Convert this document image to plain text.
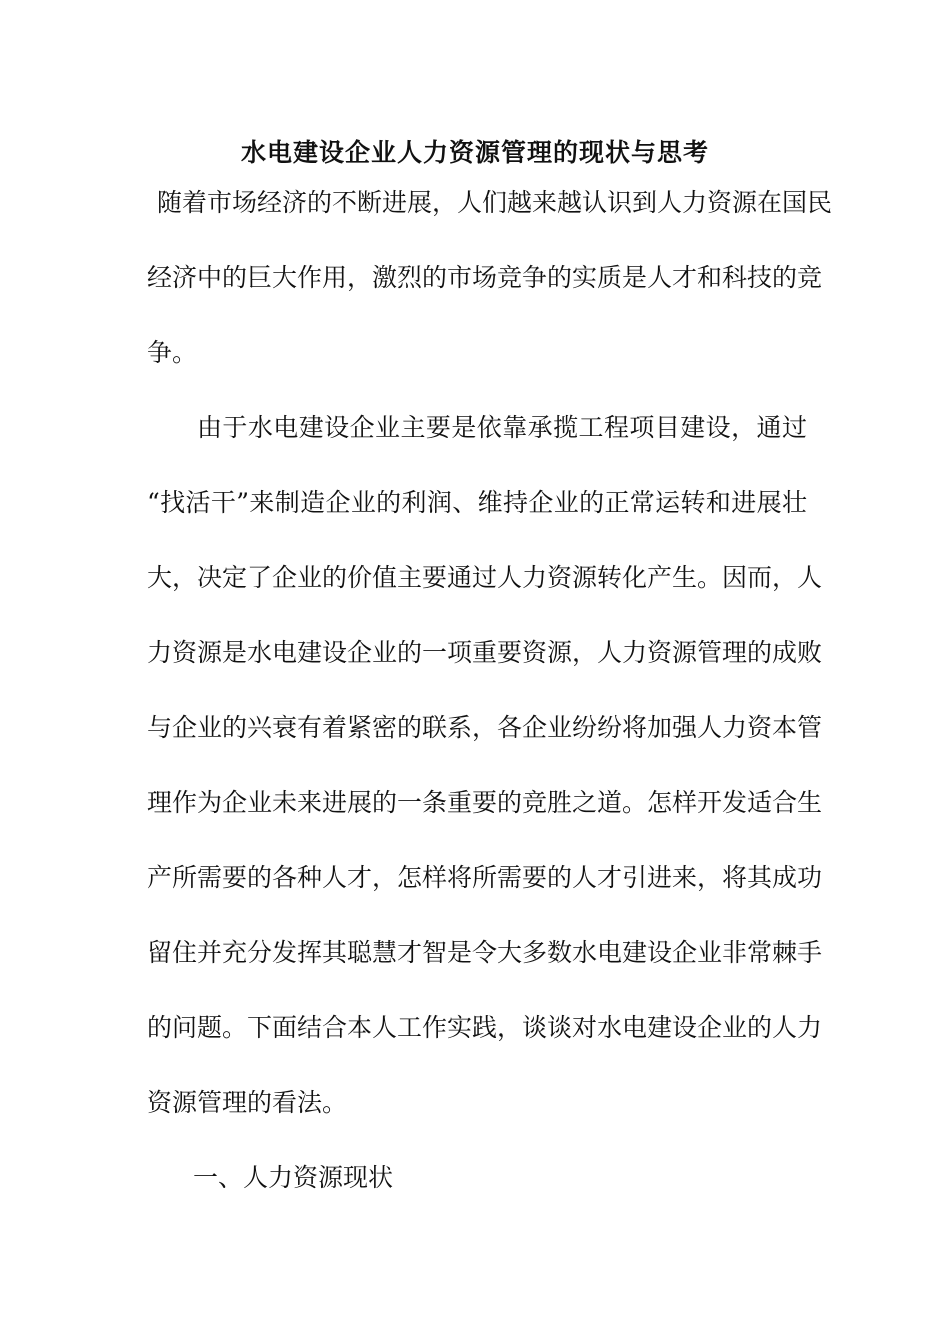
水电建设企业人力资源管理的现状与思考
随着市场经济的不断进展，人们越来越认识到人力资源在国民
经济中的巨大作用，激烈的市场竞争的实质是人才和科技的竞
争。
由于水电建设企业主要是依靠承揽工程项目建设，通过
“找活干”来制造企业的利润、维持企业的正常运转和进展壮
大，决定了企业的价值主要通过人力资源转化产生。因而，人
力资源是水电建设企业的一项重要资源，人力资源管理的成败
与企业的兴衰有着紧密的联系，各企业纷纷将加强人力资本管
理作为企业未来进展的一条重要的竞胜之道。怎样开发适合生
产所需要的各种人才，怎样将所需要的人才引进来，将其成功
留住并充分发挥其聪慧才智是令大多数水电建设企业非常棘手
的问题。下面结合本人工作实践，谈谈对水电建设企业的人力
资源管理的看法。
一、人力资源现状
